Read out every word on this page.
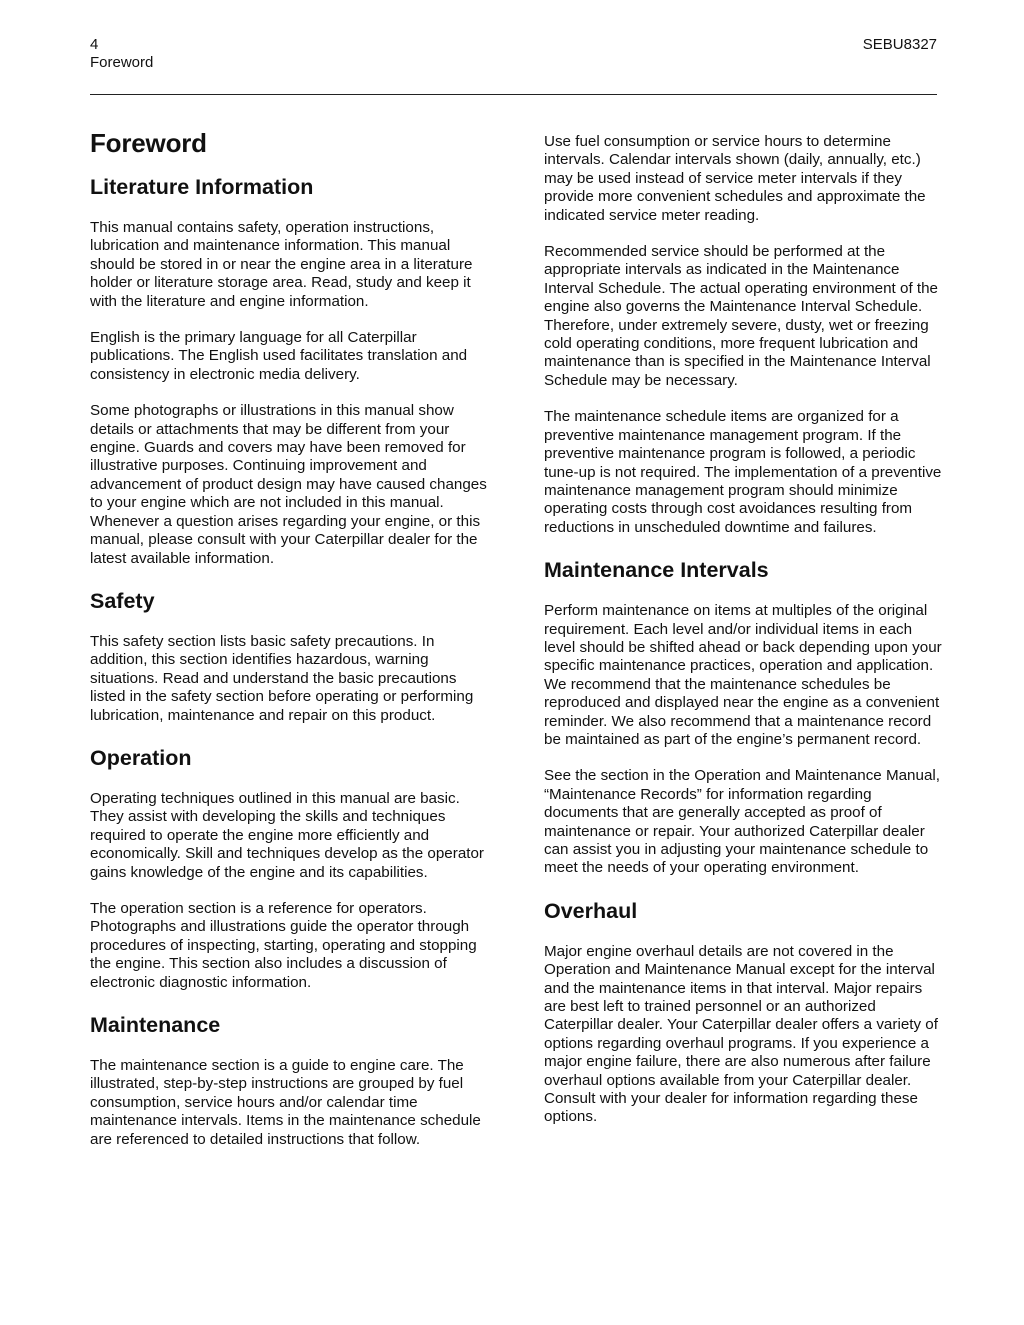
4
Foreword
SEBU8327
Foreword
Literature Information

This manual contains safety, operation instructions, lubrication and maintenance information. This manual should be stored in or near the engine area in a literature holder or literature storage area. Read, study and keep it with the literature and engine information.

English is the primary language for all Caterpillar publications. The English used facilitates translation and consistency in electronic media delivery.

Some photographs or illustrations in this manual show details or attachments that may be different from your engine. Guards and covers may have been removed for illustrative purposes. Continuing improvement and advancement of product design may have caused changes to your engine which are not included in this manual. Whenever a question arises regarding your engine, or this manual, please consult with your Caterpillar dealer for the latest available information.

Safety

This safety section lists basic safety precautions. In addition, this section identifies hazardous, warning situations. Read and understand the basic precautions listed in the safety section before operating or performing lubrication, maintenance and repair on this product.

Operation

Operating techniques outlined in this manual are basic. They assist with developing the skills and techniques required to operate the engine more efficiently and economically. Skill and techniques develop as the operator gains knowledge of the engine and its capabilities.

The operation section is a reference for operators. Photographs and illustrations guide the operator through procedures of inspecting, starting, operating and stopping the engine. This section also includes a discussion of electronic diagnostic information.

Maintenance

The maintenance section is a guide to engine care. The illustrated, step-by-step instructions are grouped by fuel consumption, service hours and/or calendar time maintenance intervals. Items in the maintenance schedule are referenced to detailed instructions that follow.

Use fuel consumption or service hours to determine intervals. Calendar intervals shown (daily, annually, etc.) may be used instead of service meter intervals if they provide more convenient schedules and approximate the indicated service meter reading.

Recommended service should be performed at the appropriate intervals as indicated in the Maintenance Interval Schedule. The actual operating environment of the engine also governs the Maintenance Interval Schedule. Therefore, under extremely severe, dusty, wet or freezing cold operating conditions, more frequent lubrication and maintenance than is specified in the Maintenance Interval Schedule may be necessary.

The maintenance schedule items are organized for a preventive maintenance management program. If the preventive maintenance program is followed, a periodic tune-up is not required. The implementation of a preventive maintenance management program should minimize operating costs through cost avoidances resulting from reductions in unscheduled downtime and failures.

Maintenance Intervals

Perform maintenance on items at multiples of the original requirement. Each level and/or individual items in each level should be shifted ahead or back depending upon your specific maintenance practices, operation and application. We recommend that the maintenance schedules be reproduced and displayed near the engine as a convenient reminder. We also recommend that a maintenance record be maintained as part of the engine’s permanent record.

See the section in the Operation and Maintenance Manual, “Maintenance Records” for information regarding documents that are generally accepted as proof of maintenance or repair. Your authorized Caterpillar dealer can assist you in adjusting your maintenance schedule to meet the needs of your operating environment.

Overhaul

Major engine overhaul details are not covered in the Operation and Maintenance Manual except for the interval and the maintenance items in that interval. Major repairs are best left to trained personnel or an authorized Caterpillar dealer. Your Caterpillar dealer offers a variety of options regarding overhaul programs. If you experience a major engine failure, there are also numerous after failure overhaul options available from your Caterpillar dealer. Consult with your dealer for information regarding these options.
